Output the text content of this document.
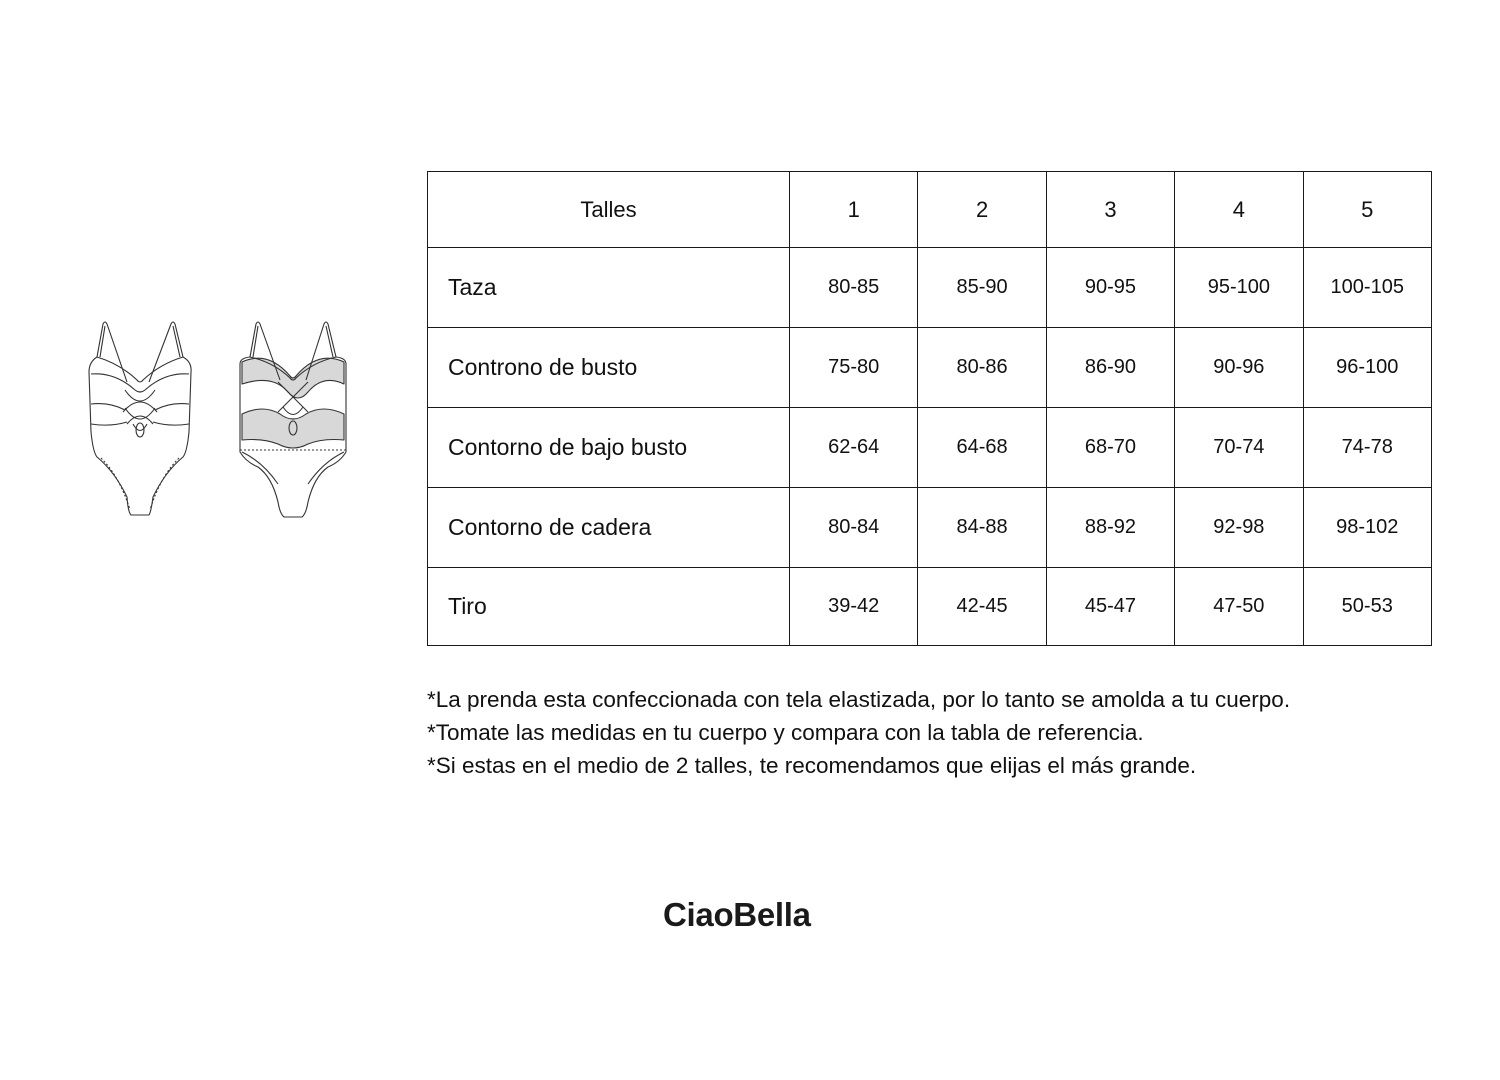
Talles	1	2	3	4	5
Taza	80-85	85-90	90-95	95-100	100-105
Controno de busto	75-80	80-86	86-90	90-96	96-100
Contorno de bajo busto	62-64	64-68	68-70	70-74	74-78
Contorno de cadera	80-84	84-88	88-92	92-98	98-102
Tiro	39-42	42-45	45-47	47-50	50-53

*La prenda esta confeccionada con tela elastizada, por lo tanto se amolda a tu cuerpo.

*Tomate las medidas en tu cuerpo y compara con la tabla de referencia.

*Si estas en el medio de 2 talles, te recomendamos que elijas el más grande.

CiaoBella
